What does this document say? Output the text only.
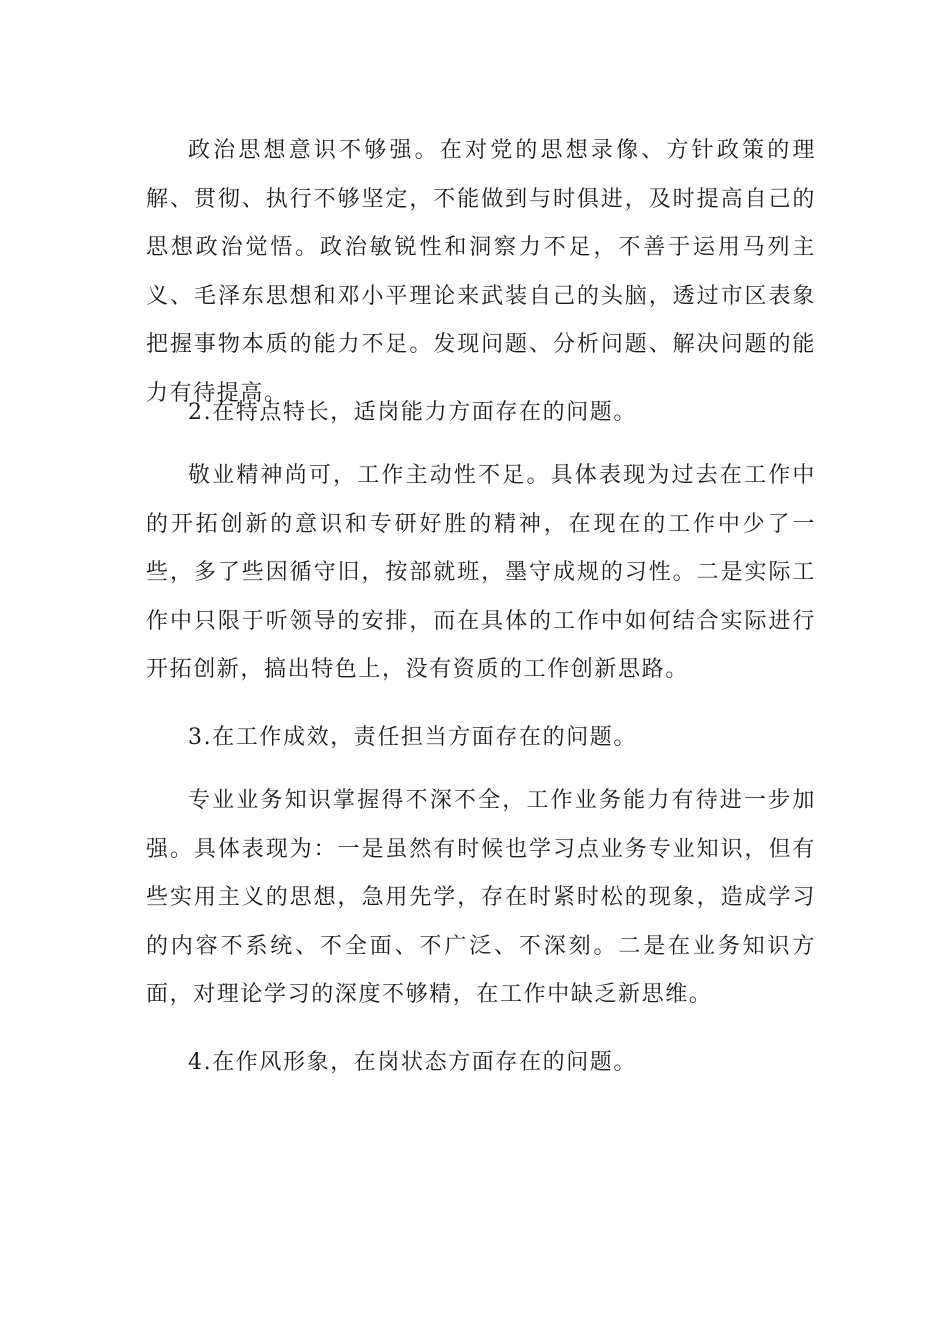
政治思想意识不够强。在对党的思想录像、方针政策的理解、贯彻、执行不够坚定，不能做到与时俱进，及时提高自己的思想政治觉悟。政治敏锐性和洞察力不足，不善于运用马列主义、毛泽东思想和邓小平理论来武装自己的头脑，透过市区表象把握事物本质的能力不足。发现问题、分析问题、解决问题的能力有待提高。

2.在特点特长，适岗能力方面存在的问题。

敬业精神尚可，工作主动性不足。具体表现为过去在工作中的开拓创新的意识和专研好胜的精神，在现在的工作中少了一些，多了些因循守旧，按部就班，墨守成规的习性。二是实际工作中只限于听领导的安排，而在具体的工作中如何结合实际进行开拓创新，搞出特色上，没有资质的工作创新思路。

3.在工作成效，责任担当方面存在的问题。

专业业务知识掌握得不深不全，工作业务能力有待进一步加强。具体表现为：一是虽然有时候也学习点业务专业知识，但有些实用主义的思想，急用先学，存在时紧时松的现象，造成学习的内容不系统、不全面、不广泛、不深刻。二是在业务知识方面，对理论学习的深度不够精，在工作中缺乏新思维。

4.在作风形象，在岗状态方面存在的问题。
